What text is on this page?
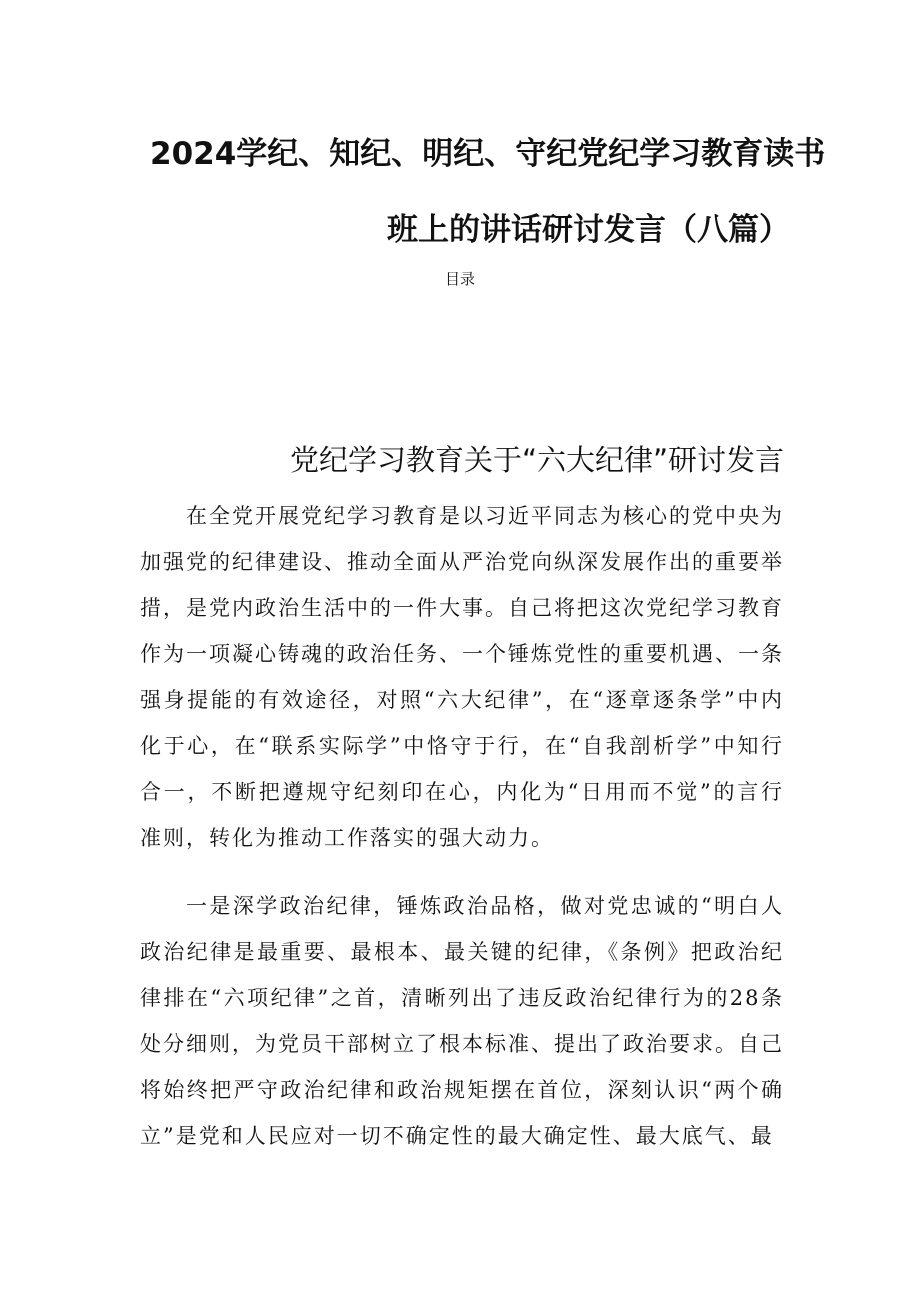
2024学纪、知纪、明纪、守纪党纪学习教育读书
班上的讲话研讨发言（八篇）
目录
党纪学习教育关于“六大纪律”研讨发言

在全党开展党纪学习教育是以习近平同志为核心的党中央为加强党的纪律建设、推动全面从严治党向纵深发展作出的重要举措，是党内政治生活中的一件大事。自己将把这次党纪学习教育作为一项凝心铸魂的政治任务、一个锤炼党性的重要机遇、一条强身提能的有效途径，对照“六大纪律”，在“逐章逐条学”中内化于心，在“联系实际学”中恪守于行，在“自我剖析学”中知行合一，不断把遵规守纪刻印在心，内化为“日用而不觉”的言行准则，转化为推动工作落实的强大动力。

一是深学政治纪律，锤炼政治品格，做对党忠诚的“明白人政治纪律是最重要、最根本、最关键的纪律，《条例》把政治纪律排在“六项纪律”之首，清晰列出了违反政治纪律行为的28条处分细则，为党员干部树立了根本标准、提出了政治要求。自己将始终把严守政治纪律和政治规矩摆在首位，深刻认识“两个确立”是党和人民应对一切不确定性的最大确定性、最大底气、最
